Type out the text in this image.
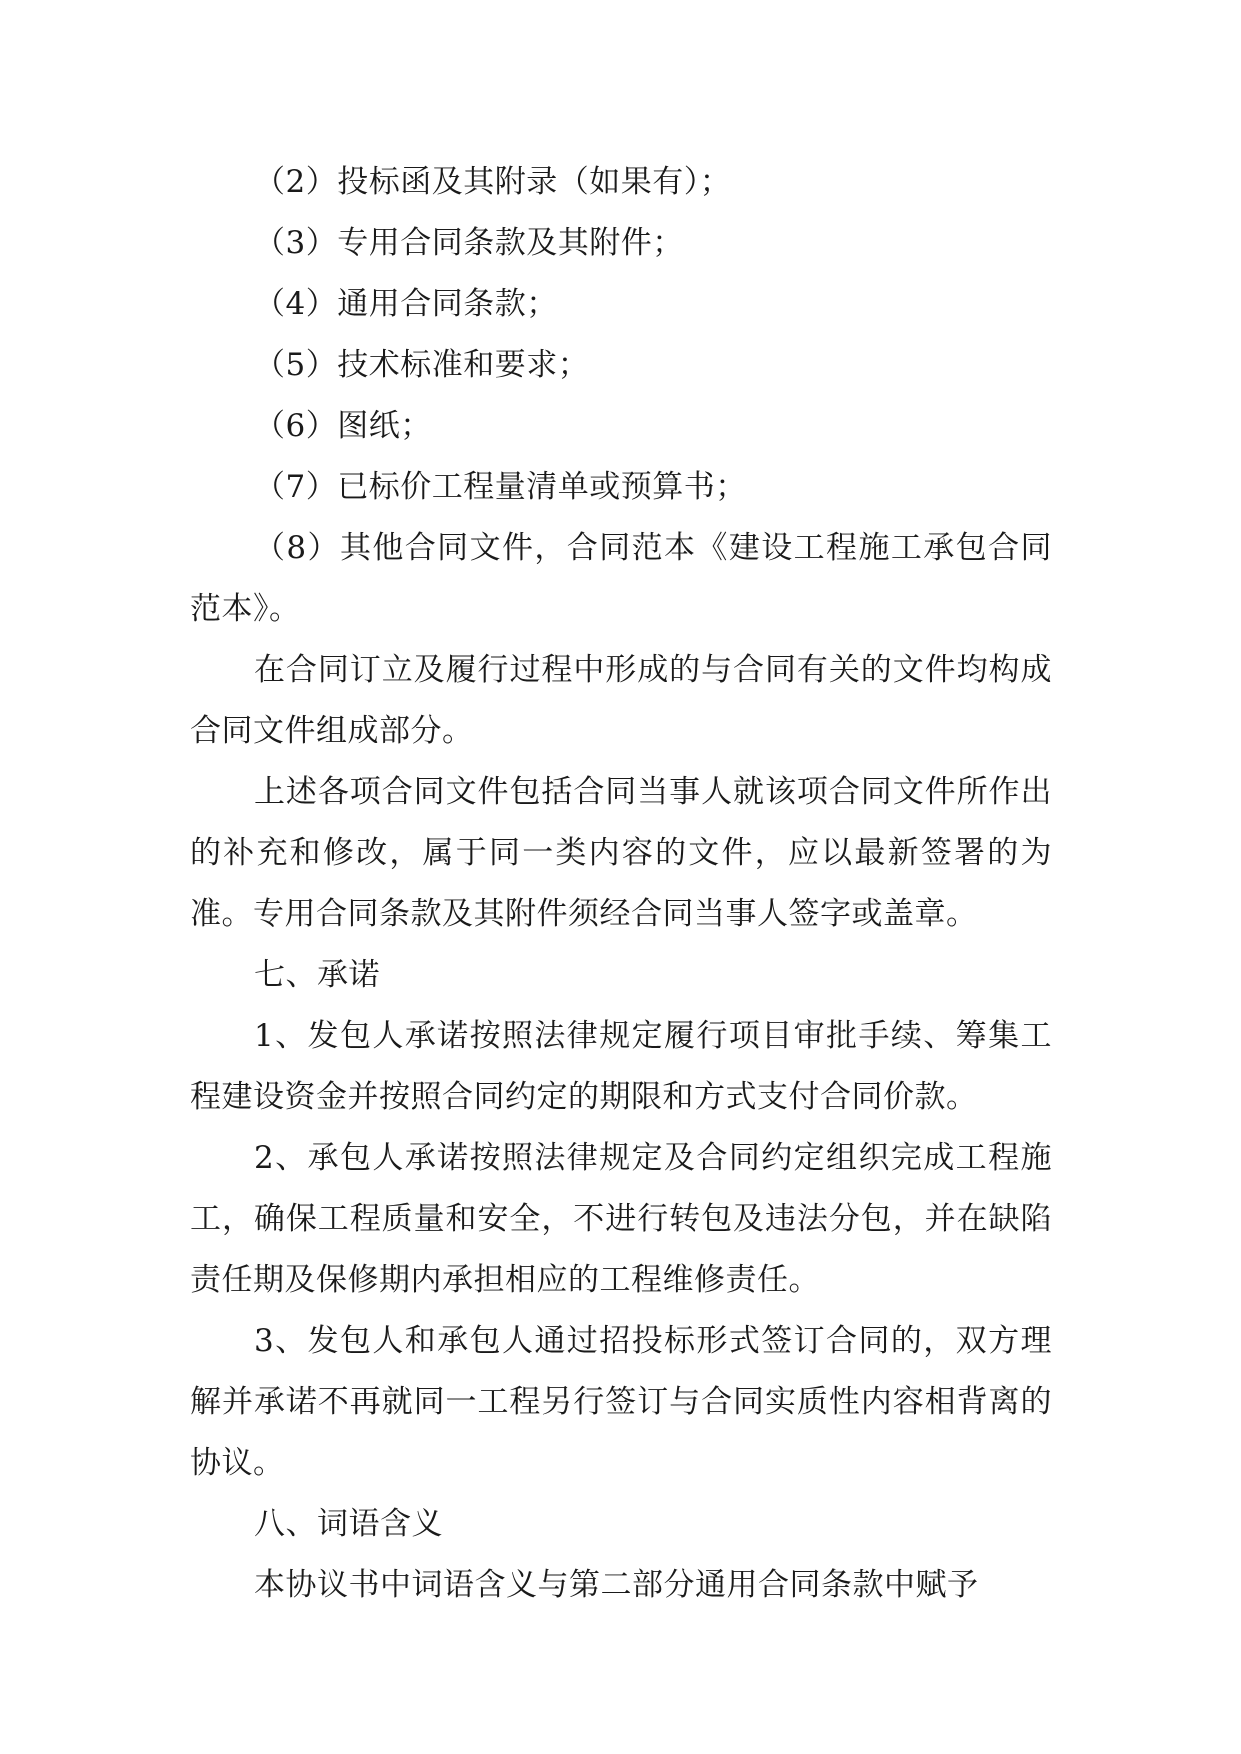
（2）投标函及其附录（如果有）；

（3）专用合同条款及其附件；

（4）通用合同条款；

（5）技术标准和要求；

（6）图纸；

（7）已标价工程量清单或预算书；

（8）其他合同文件，合同范本《建设工程施工承包合同范本》。

在合同订立及履行过程中形成的与合同有关的文件均构成合同文件组成部分。

上述各项合同文件包括合同当事人就该项合同文件所作出的补充和修改，属于同一类内容的文件，应以最新签署的为准。专用合同条款及其附件须经合同当事人签字或盖章。

七、承诺

1、发包人承诺按照法律规定履行项目审批手续、筹集工程建设资金并按照合同约定的期限和方式支付合同价款。

2、承包人承诺按照法律规定及合同约定组织完成工程施工，确保工程质量和安全，不进行转包及违法分包，并在缺陷责任期及保修期内承担相应的工程维修责任。

3、发包人和承包人通过招投标形式签订合同的，双方理解并承诺不再就同一工程另行签订与合同实质性内容相背离的协议。

八、词语含义

本协议书中词语含义与第二部分通用合同条款中赋予
